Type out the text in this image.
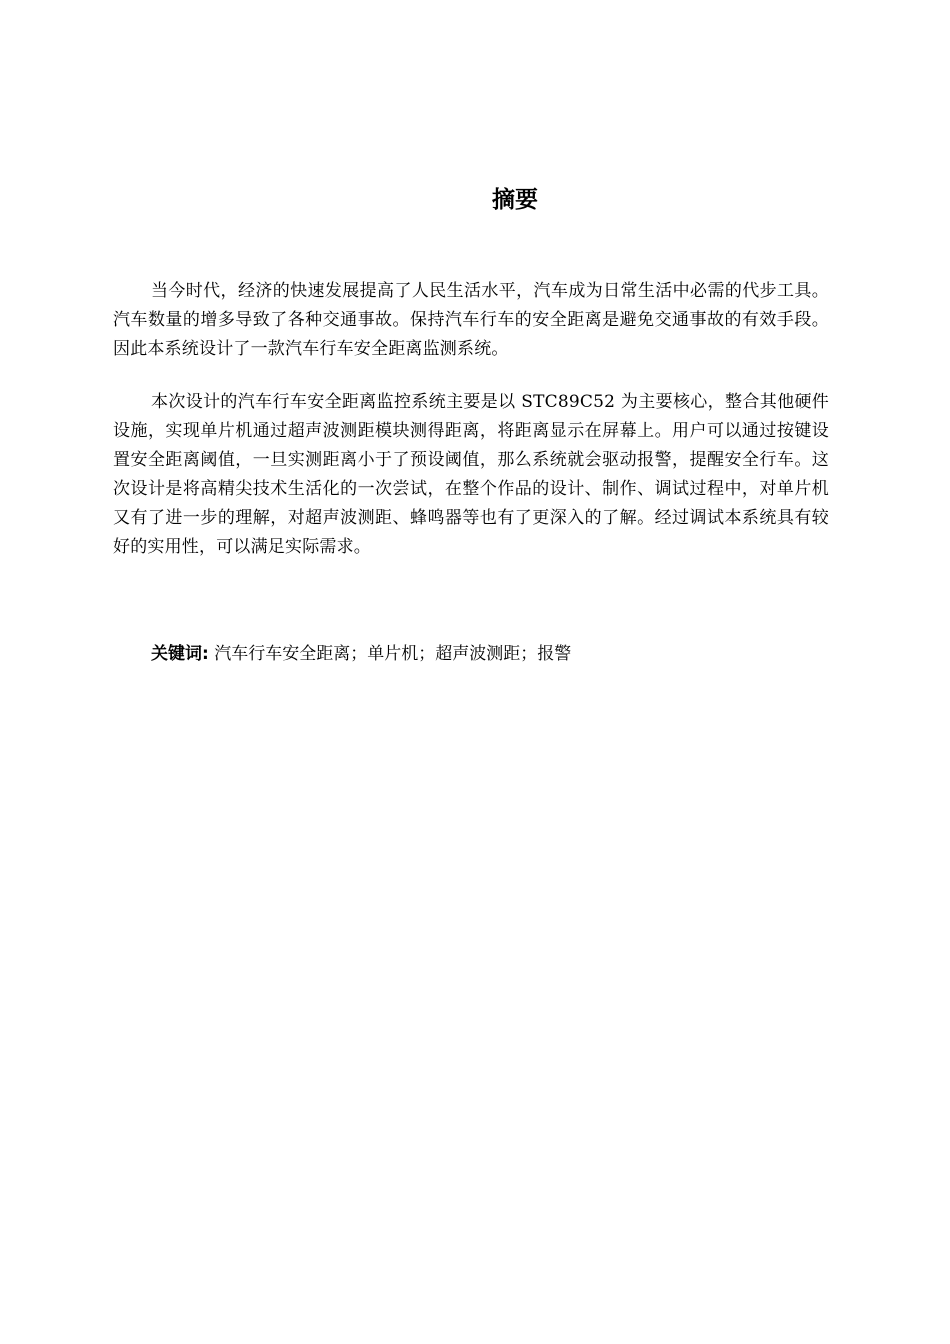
摘要

当今时代，经济的快速发展提高了人民生活水平，汽车成为日常生活中必需的代步工具。汽车数量的增多导致了各种交通事故。保持汽车行车的安全距离是避免交通事故的有效手段。因此本系统设计了一款汽车行车安全距离监测系统。

本次设计的汽车行车安全距离监控系统主要是以 STC89C52 为主要核心，整合其他硬件设施，实现单片机通过超声波测距模块测得距离，将距离显示在屏幕上。用户可以通过按键设置安全距离阈值，一旦实测距离小于了预设阈值，那么系统就会驱动报警，提醒安全行车。这次设计是将高精尖技术生活化的一次尝试，在整个作品的设计、制作、调试过程中，对单片机又有了进一步的理解，对超声波测距、蜂鸣器等也有了更深入的了解。经过调试本系统具有较好的实用性，可以满足实际需求。

关键词: 汽车行车安全距离；单片机；超声波测距；报警
